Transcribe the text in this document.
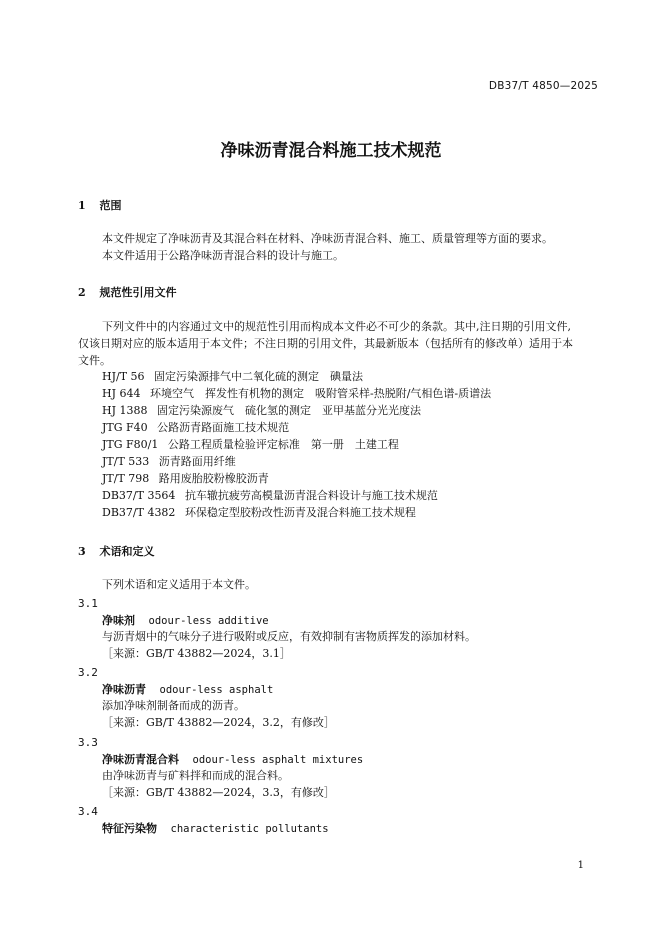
DB37/T 4850—2025
净味沥青混合料施工技术规范
1 范围
本文件规定了净味沥青及其混合料在材料、净味沥青混合料、施工、质量管理等方面的要求。
本文件适用于公路净味沥青混合料的设计与施工。
2 规范性引用文件
下列文件中的内容通过文中的规范性引用而构成本文件必不可少的条款。其中,注日期的引用文件,
仅该日期对应的版本适用于本文件；不注日期的引用文件，其最新版本（包括所有的修改单）适用于本
文件。
HJ/T 56 固定污染源排气中二氧化硫的测定　碘量法
HJ 644 环境空气　挥发性有机物的测定　吸附管采样-热脱附/气相色谱-质谱法
HJ 1388 固定污染源废气　硫化氢的测定　亚甲基蓝分光光度法
JTG F40 公路沥青路面施工技术规范
JTG F80/1 公路工程质量检验评定标准　第一册　土建工程
JT/T 533 沥青路面用纤维
JT/T 798 路用废胎胶粉橡胶沥青
DB37/T 3564 抗车辙抗疲劳高模量沥青混合料设计与施工技术规范
DB37/T 4382 环保稳定型胶粉改性沥青及混合料施工技术规程
3 术语和定义
下列术语和定义适用于本文件。
3.1
净味剂 odour-less additive
与沥青烟中的气味分子进行吸附或反应，有效抑制有害物质挥发的添加材料。
［来源：GB/T 43882—2024，3.1］
3.2
净味沥青 odour-less asphalt
添加净味剂制备而成的沥青。
［来源：GB/T 43882—2024，3.2，有修改］
3.3
净味沥青混合料 odour-less asphalt mixtures
由净味沥青与矿料拌和而成的混合料。
［来源：GB/T 43882—2024，3.3，有修改］
3.4
特征污染物 characteristic pollutants
1
